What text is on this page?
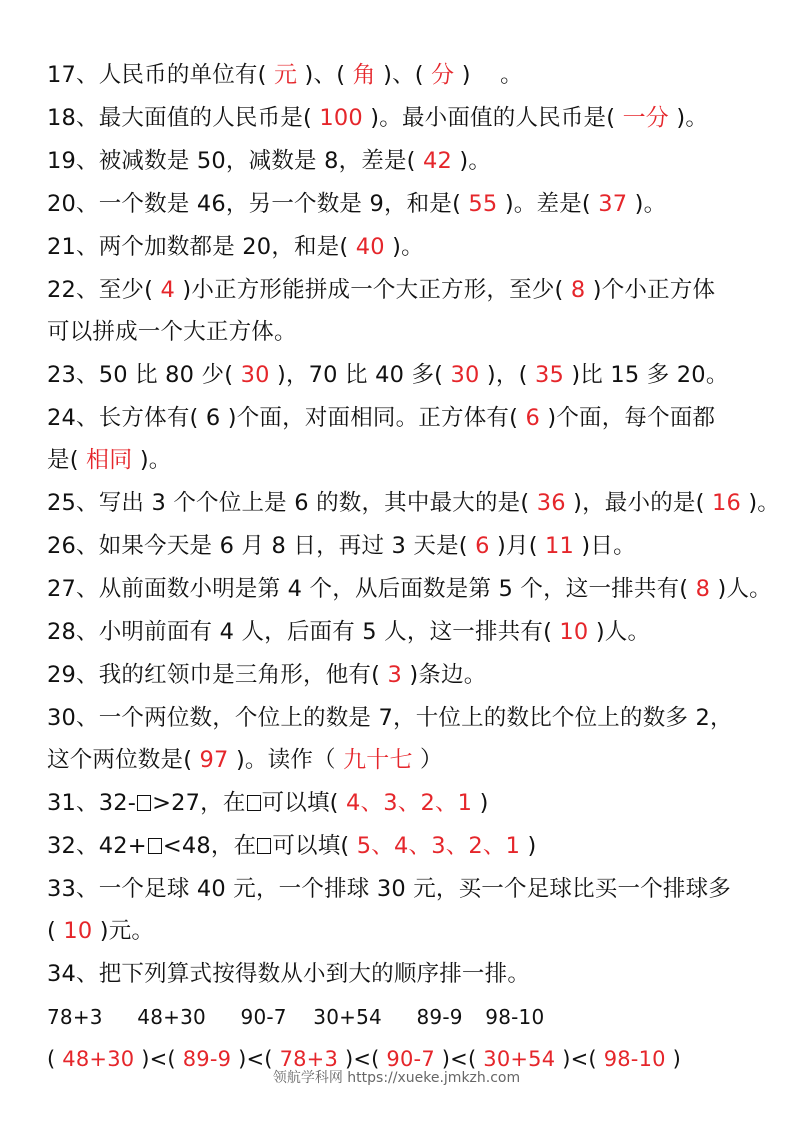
17、人民币的单位有( 元 )、( 角 )、( 分 ) 。
18、最大面值的人民币是( 100 )。最小面值的人民币是( 一分 )。
19、被减数是 50，减数是 8，差是( 42 )。
20、一个数是 46，另一个数是 9，和是( 55 )。差是( 37 )。
21、两个加数都是 20，和是( 40 )。
22、至少( 4 )小正方形能拼成一个大正方形，至少( 8 )个小正方体
可以拼成一个大正方体。
23、50 比 80 少( 30 )，70 比 40 多( 30 )，( 35 )比 15 多 20。
24、长方体有( 6 )个面，对面相同。正方体有( 6 )个面，每个面都
是( 相同 )。
25、写出 3 个个位上是 6 的数，其中最大的是( 36 )，最小的是( 16 )。
26、如果今天是 6 月 8 日，再过 3 天是( 6 )月( 11 )日。
27、从前面数小明是第 4 个，从后面数是第 5 个，这一排共有( 8 )人。
28、小明前面有 4 人，后面有 5 人，这一排共有( 10 )人。
29、我的红领巾是三角形，他有( 3 )条边。
30、一个两位数，个位上的数是 7，十位上的数比个位上的数多 2，
这个两位数是( 97 )。读作（ 九十七 ）
31、32- >27，在 可以填( 4、3、2、1 )
32、42+ <48，在 可以填( 5、4、3、2、1 )
33、一个足球 40 元，一个排球 30 元，买一个足球比买一个排球多
( 10 )元。
34、把下列算式按得数从小到大的顺序排一排。
78+3 48+30 90-7 30+54 89-9 98-10
( 48+30 )<( 89-9 )<( 78+3 )<( 90-7 )<( 30+54 )<( 98-10 )
领航学科网 https://xueke.jmkzh.com
